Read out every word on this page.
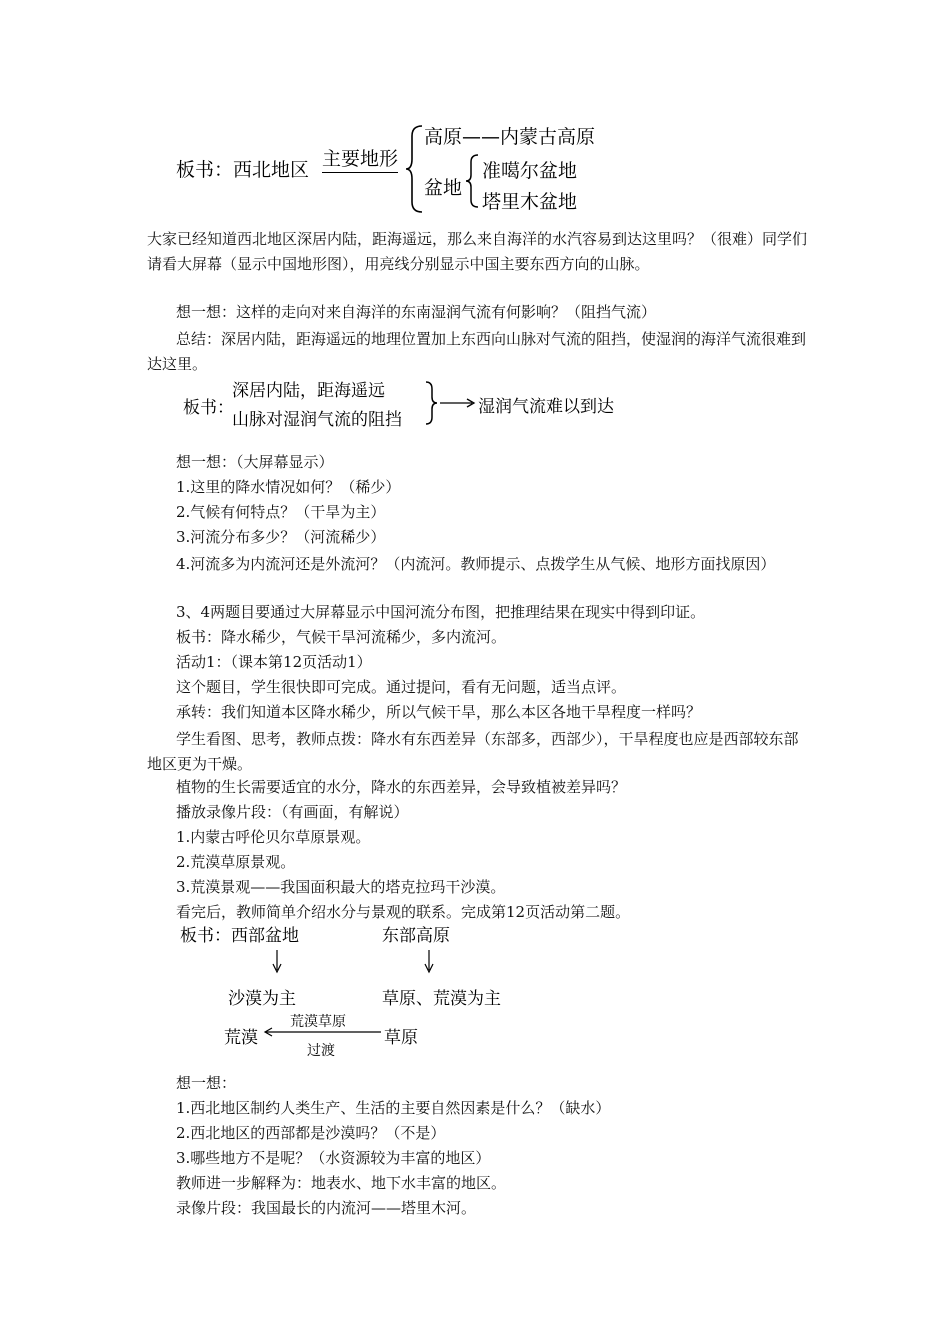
板书：西北地区 主要地形
高原——内蒙古高原
盆地
准噶尔盆地
塔里木盆地
大家已经知道西北地区深居内陆，距海遥远，那么来自海洋的水汽容易到达这里吗？（很难）同学们请看大屏幕（显示中国地形图），用亮线分别显示中国主要东西方向的山脉。
想一想：这样的走向对来自海洋的东南湿润气流有何影响？（阻挡气流）
总结：深居内陆，距海遥远的地理位置加上东西向山脉对气流的阻挡，使湿润的海洋气流很难到达这里。
板书：
深居内陆，距海遥远
山脉对湿润气流的阻挡
湿润气流难以到达
想一想：（大屏幕显示）
1.这里的降水情况如何？（稀少）
2.气候有何特点？（干旱为主）
3.河流分布多少？（河流稀少）
4.河流多为内流河还是外流河？（内流河。教师提示、点拨学生从气候、地形方面找原因）
3、4两题目要通过大屏幕显示中国河流分布图，把推理结果在现实中得到印证。
板书：降水稀少，气候干旱河流稀少，多内流河。
活动1：（课本第12页活动1）
这个题目，学生很快即可完成。通过提问，看有无问题，适当点评。
承转：我们知道本区降水稀少，所以气候干旱，那么本区各地干旱程度一样吗？
学生看图、思考，教师点拨：降水有东西差异（东部多，西部少），干旱程度也应是西部较东部地区更为干燥。
植物的生长需要适宜的水分，降水的东西差异，会导致植被差异吗？
播放录像片段：（有画面，有解说）
1.内蒙古呼伦贝尔草原景观。
2.荒漠草原景观。
3.荒漠景观——我国面积最大的塔克拉玛干沙漠。
看完后，教师简单介绍水分与景观的联系。完成第12页活动第二题。
板书：西部盆地	东部高原
沙漠为主	草原、荒漠为主
荒漠
荒漠草原
过渡
草原
想一想：
1.西北地区制约人类生产、生活的主要自然因素是什么？（缺水）
2.西北地区的西部都是沙漠吗？（不是）
3.哪些地方不是呢？（水资源较为丰富的地区）
教师进一步解释为：地表水、地下水丰富的地区。
录像片段：我国最长的内流河——塔里木河。
